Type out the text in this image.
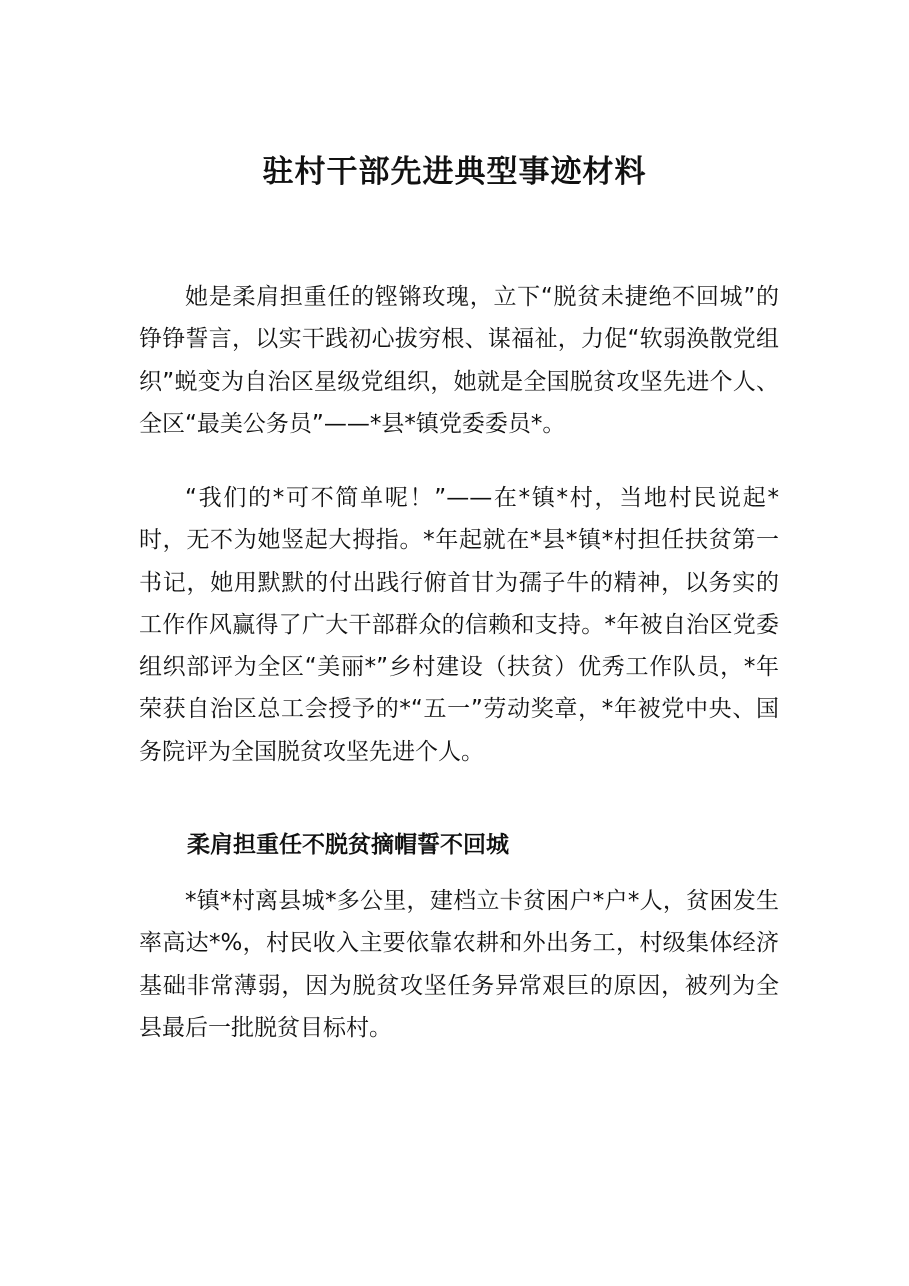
驻村干部先进典型事迹材料

她是柔肩担重任的铿锵玫瑰，立下“脱贫未捷绝不回城”的铮铮誓言，以实干践初心拔穷根、谋福祉，力促“软弱涣散党组织”蜕变为自治区星级党组织，她就是全国脱贫攻坚先进个人、全区“最美公务员”——*县*镇党委委员*。

“我们的*可不简单呢！”——在*镇*村，当地村民说起*时，无不为她竖起大拇指。*年起就在*县*镇*村担任扶贫第一书记，她用默默的付出践行俯首甘为孺子牛的精神，以务实的工作作风赢得了广大干部群众的信赖和支持。*年被自治区党委组织部评为全区“美丽*”乡村建设（扶贫）优秀工作队员，*年荣获自治区总工会授予的*“五一”劳动奖章，*年被党中央、国务院评为全国脱贫攻坚先进个人。

柔肩担重任不脱贫摘帽誓不回城

*镇*村离县城*多公里，建档立卡贫困户*户*人，贫困发生率高达*%，村民收入主要依靠农耕和外出务工，村级集体经济基础非常薄弱，因为脱贫攻坚任务异常艰巨的原因，被列为全县最后一批脱贫目标村。
